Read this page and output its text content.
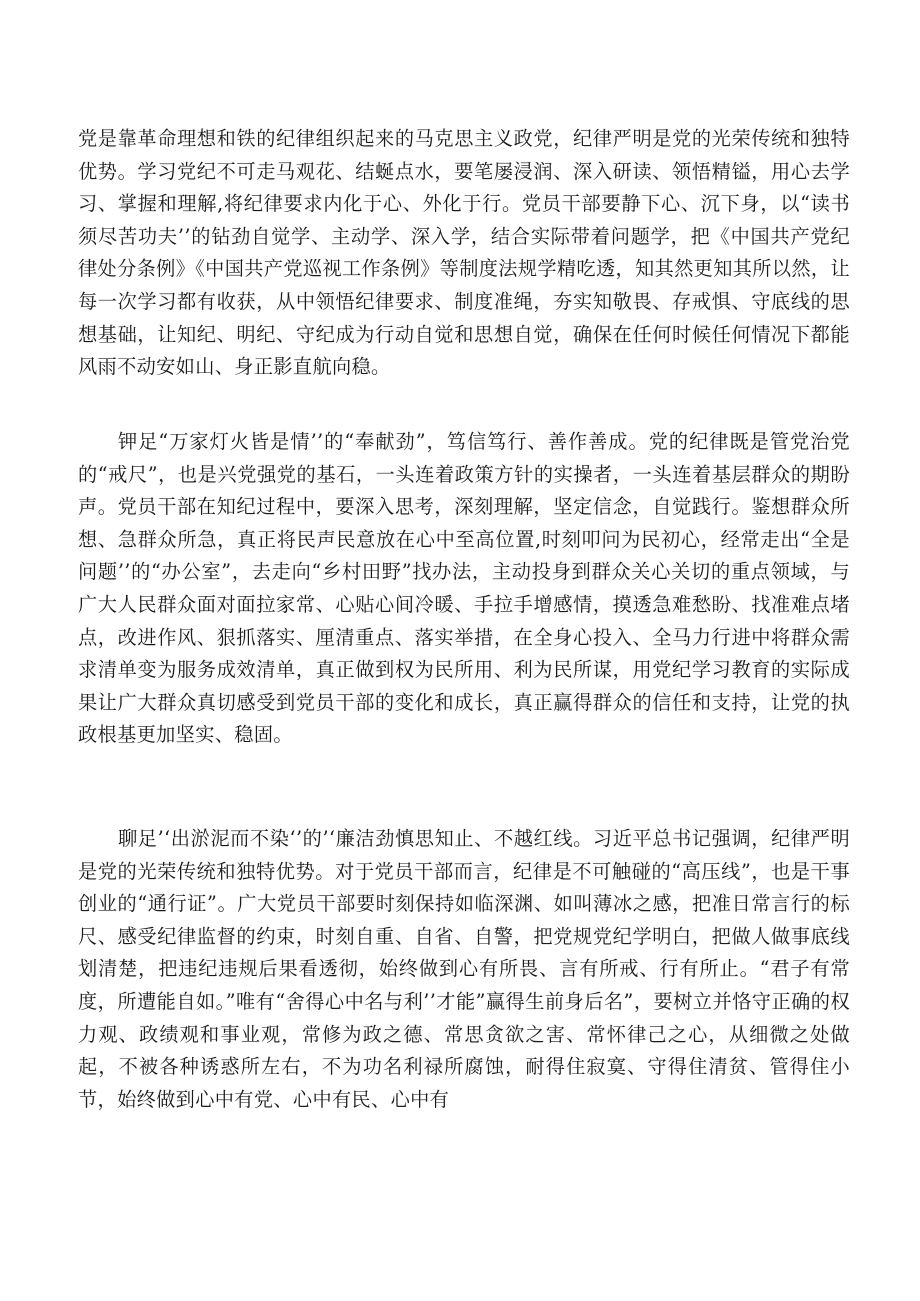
党是靠革命理想和铁的纪律组织起来的马克思主义政党，纪律严明是党的光荣传统和独特优势。学习党纪不可走马观花、结蜒点水，要笔屡浸润、深入研读、领悟精镒，用心去学习、掌握和理解,将纪律要求内化于心、外化于行。党员干部要静下心、沉下身，以“读书须尽苦功夫’’的钻劲自觉学、主动学、深入学，结合实际带着问题学，把《中国共产党纪律处分条例》《中国共产党巡视工作条例》等制度法规学精吃透，知其然更知其所以然，让每一次学习都有收获，从中领悟纪律要求、制度准绳，夯实知敬畏、存戒惧、守底线的思想基础，让知纪、明纪、守纪成为行动自觉和思想自觉，确保在任何时候任何情况下都能风雨不动安如山、身正影直航向稳。

钾足“万家灯火皆是情’’的“奉献劲”，笃信笃行、善作善成。党的纪律既是管党治党的“戒尺”，也是兴党强党的基石，一头连着政策方针的实操者，一头连着基层群众的期盼声。党员干部在知纪过程中，要深入思考，深刻理解，坚定信念，自觉践行。鉴想群众所想、急群众所急，真正将民声民意放在心中至高位置,时刻叩问为民初心，经常走出“全是问题’’的“办公室”，去走向“乡村田野”找办法，主动投身到群众关心关切的重点领域，与广大人民群众面对面拉家常、心贴心间冷暖、手拉手增感情，摸透急难愁盼、找准难点堵点，改进作风、狠抓落实、厘清重点、落实举措，在全身心投入、全马力行进中将群众需求清单变为服务成效清单，真正做到权为民所用、利为民所谋，用党纪学习教育的实际成果让广大群众真切感受到党员干部的变化和成长，真正赢得群众的信任和支持，让党的执政根基更加坚实、稳固。

聊足’‘出淤泥而不染‘’的’‘廉洁劲慎思知止、不越红线。习近平总书记强调，纪律严明是党的光荣传统和独特优势。对于党员干部而言，纪律是不可触碰的“高压线”，也是干事创业的“通行证”。广大党员干部要时刻保持如临深渊、如叫薄冰之感，把准日常言行的标尺、感受纪律监督的约束，时刻自重、自省、自警，把党规党纪学明白，把做人做事底线划清楚，把违纪违规后果看透彻，始终做到心有所畏、言有所戒、行有所止。“君子有常度，所遭能自如。”唯有“舍得心中名与利’’才能”赢得生前身后名”，要树立并恪守正确的权力观、政绩观和事业观，常修为政之德、常思贪欲之害、常怀律己之心，从细微之处做起，不被各种诱惑所左右，不为功名利禄所腐蚀，耐得住寂寞、守得住清贫、管得住小节，始终做到心中有党、心中有民、心中有
